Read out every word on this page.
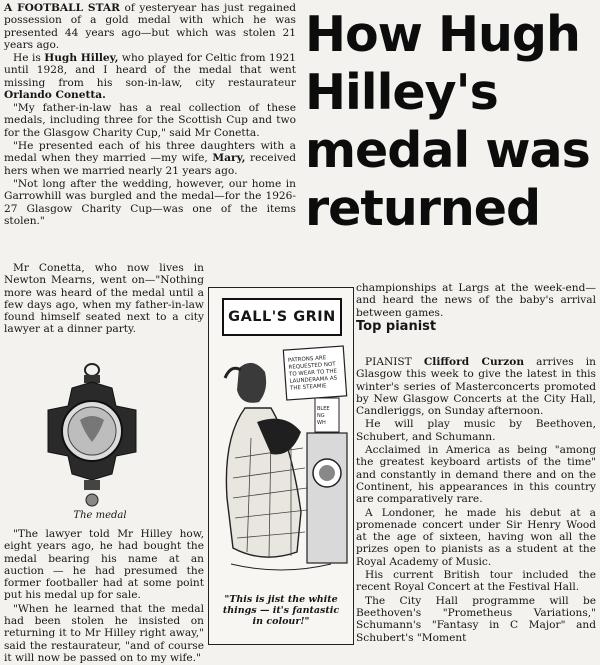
A FOOTBALL STAR of yesteryear has just regained possession of a gold medal with which he was presented 44 years ago—but which was stolen 21 years ago.	How Hugh
Hilley's
medal was
returned

He is Hugh Hilley, who played for Celtic from 1921 until 1928, and I heard of the medal that went missing from his son-in-law, city restaurateur Orlando Conetta.

"My father-in-law has a real collection of these medals, including three for the Scottish Cup and two for the Glasgow Charity Cup," said Mr Conetta.

"He presented each of his three daughters with a medal when they married —my wife, Mary, received hers when we married nearly 21 years ago.

"Not long after the wedding, however, our home in Garrowhill was burgled and the medal—for the 1926-27 Glasgow Charity Cup—was one of the items stolen."

Mr Conetta, who now lives in Newton Mearns, went on—"Nothing more was heard of the medal until a few days ago, when my father-in-law found himself seated next to a city lawyer at a dinner party.

The medal

"The lawyer told Mr Hilley how, eight years ago, he had bought the medal bearing his name at an auction — he had presumed the former footballer had at some point put his medal up for sale.

"When he learned that the medal had been stolen he insisted on returning it to Mr Hilley right away," said the restaurateur, "and of course it will now be passed on to my wife."

GALL'S GRIN
PATRONS AREREQUESTED NOTTO WEAR TO THELAUNDERAMA ASTHE STEAMIE
BLEE NG WH
"This is jist the white things — it's fantastic in colour!"

championships at Largs at the week-end—and heard the news of the baby's arrival between games.

Top pianist

PIANIST Clifford Curzon arrives in Glasgow this week to give the latest in this winter's series of Masterconcerts promoted by New Glasgow Concerts at the City Hall, Candleriggs, on Sunday afternoon.

He will play music by Beethoven, Schubert, and Schumann.

Acclaimed in America as being "among the greatest keyboard artists of the time" and constantly in demand there and on the Continent, his appearances in this country are comparatively rare.

A Londoner, he made his debut at a promenade concert under Sir Henry Wood at the age of sixteen, having won all the prizes open to pianists as a student at the Royal Academy of Music.

His current British tour included the recent Royal Concert at the Festival Hall.

The City Hall programme will be Beethoven's "Prometheus Variations," Schumann's "Fantasy in C Major" and Schubert's "Moment
